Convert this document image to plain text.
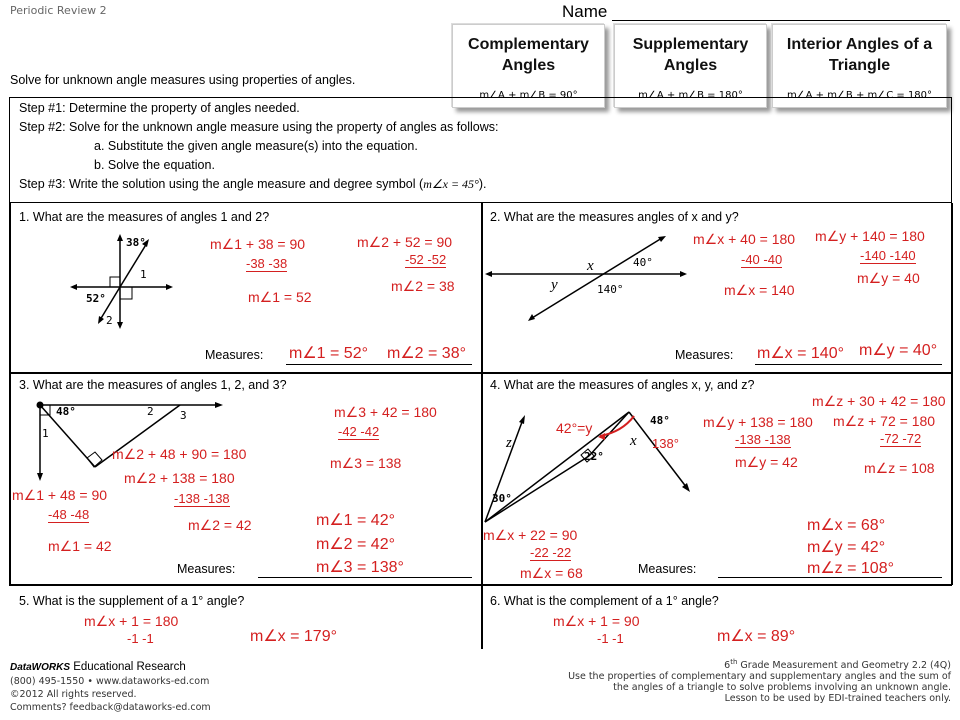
Periodic Review 2	Name
Complementary Angles
m∠A + m∠B = 90°
Supplementary Angles
m∠A + m∠B = 180°
Interior Angles of a Triangle
m∠A + m∠B + m∠C = 180°
Solve for unknown angle measures using properties of angles.
Step #1: Determine the property of angles needed.
Step #2: Solve for the unknown angle measure using the property of angles as follows:
a. Substitute the given angle measure(s) into the equation.
b. Solve the equation.
Step #3: Write the solution using the angle measure and degree symbol (m∠x = 45°).
1. What are the measures of angles 1 and 2?
38°
52°
1
2
m∠1 + 38 = 90
-38 -38
m∠1 = 52
m∠2 + 52 = 90
-52 -52
m∠2 = 38
Measures: m∠1 = 52° m∠2 = 38°
2. What are the measures angles of x and y?
x
y
40°
140°
m∠x + 40 = 180
-40 -40
m∠x = 140
m∠y + 140 = 180
-140 -140
m∠y = 40
Measures: m∠x = 140° m∠y = 40°
3. What are the measures of angles 1, 2, and 3?
48°
1
2 3	m∠3 + 42 = 180
-42 -42
m∠3 = 138
m∠2 + 48 + 90 = 180
m∠2 + 138 = 180
-138 -138
m∠2 = 42
m∠1 + 48 = 90
-48 -48
m∠1 = 42
m∠1 = 42°
m∠2 = 42°
m∠3 = 138°
Measures:
4. What are the measures of angles x, y, and z?
48°
22°
30°
z	x
42°=y
138°
m∠y + 138 = 180
-138 -138
m∠y = 42
m∠z + 30 + 42 = 180
m∠z + 72 = 180
-72 -72
m∠z = 108
m∠x + 22 = 90
-22 -22
m∠x = 68
m∠x = 68°
m∠y = 42°
m∠z = 108°
Measures:
5. What is the supplement of a 1° angle?
m∠x + 1 = 180
-1 -1	m∠x = 179°
6. What is the complement of a 1° angle?
m∠x + 1 = 90
-1 -1	m∠x = 89°
DataWORKS Educational Research
(800) 495-1550 • www.dataworks-ed.com
©2012 All rights reserved.
Comments? feedback@dataworks-ed.com
6th Grade Measurement and Geometry 2.2 (4Q)
Use the properties of complementary and supplementary angles and the sum of
the angles of a triangle to solve problems involving an unknown angle.
Lesson to be used by EDI-trained teachers only.
